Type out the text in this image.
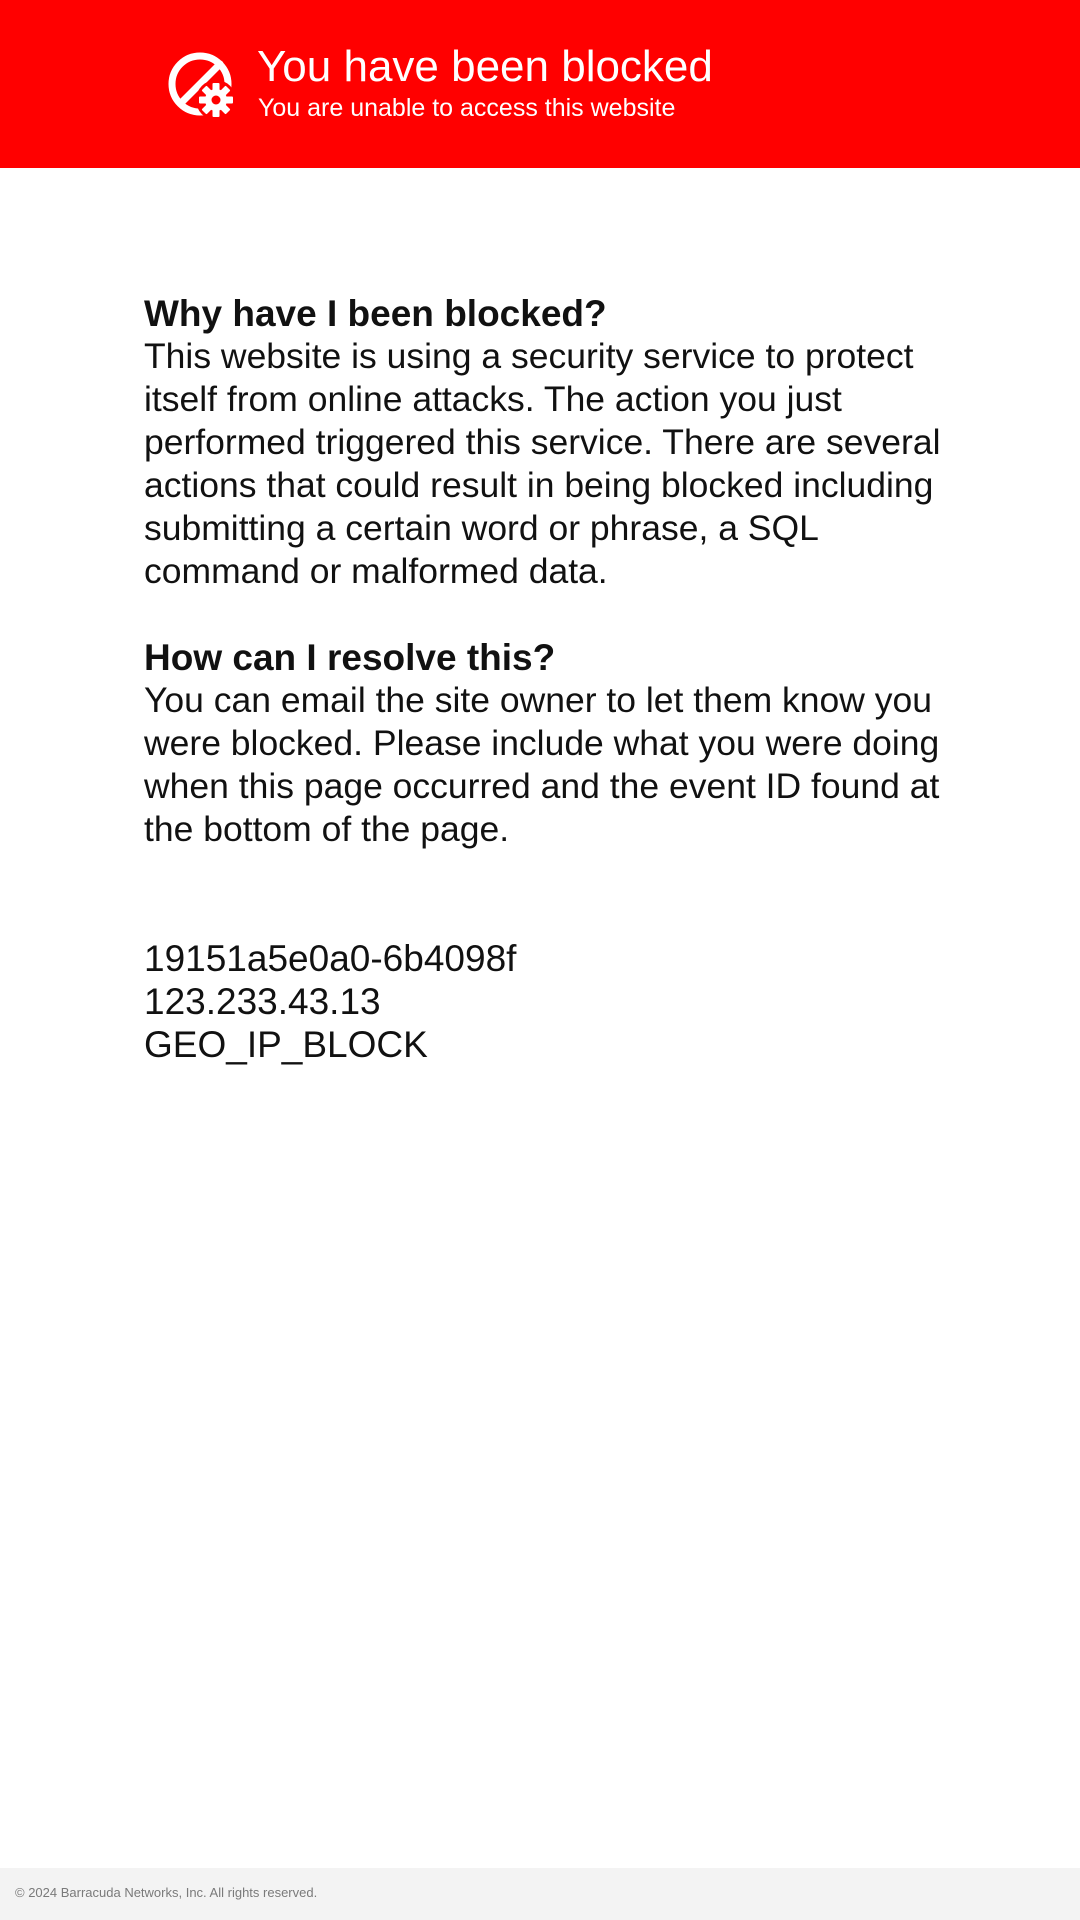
You have been blocked
You are unable to access this website
Why have I been blocked?

This website is using a security service to protect itself from online attacks. The action you just performed triggered this service. There are several actions that could result in being blocked including submitting a certain word or phrase, a SQL command or malformed data.

How can I resolve this?

You can email the site owner to let them know you were blocked. Please include what you were doing when this page occurred and the event ID found at the bottom of the page.

19151a5e0a0-6b4098f
123.233.43.13
GEO_IP_BLOCK
© 2024 Barracuda Networks, Inc. All rights reserved.
